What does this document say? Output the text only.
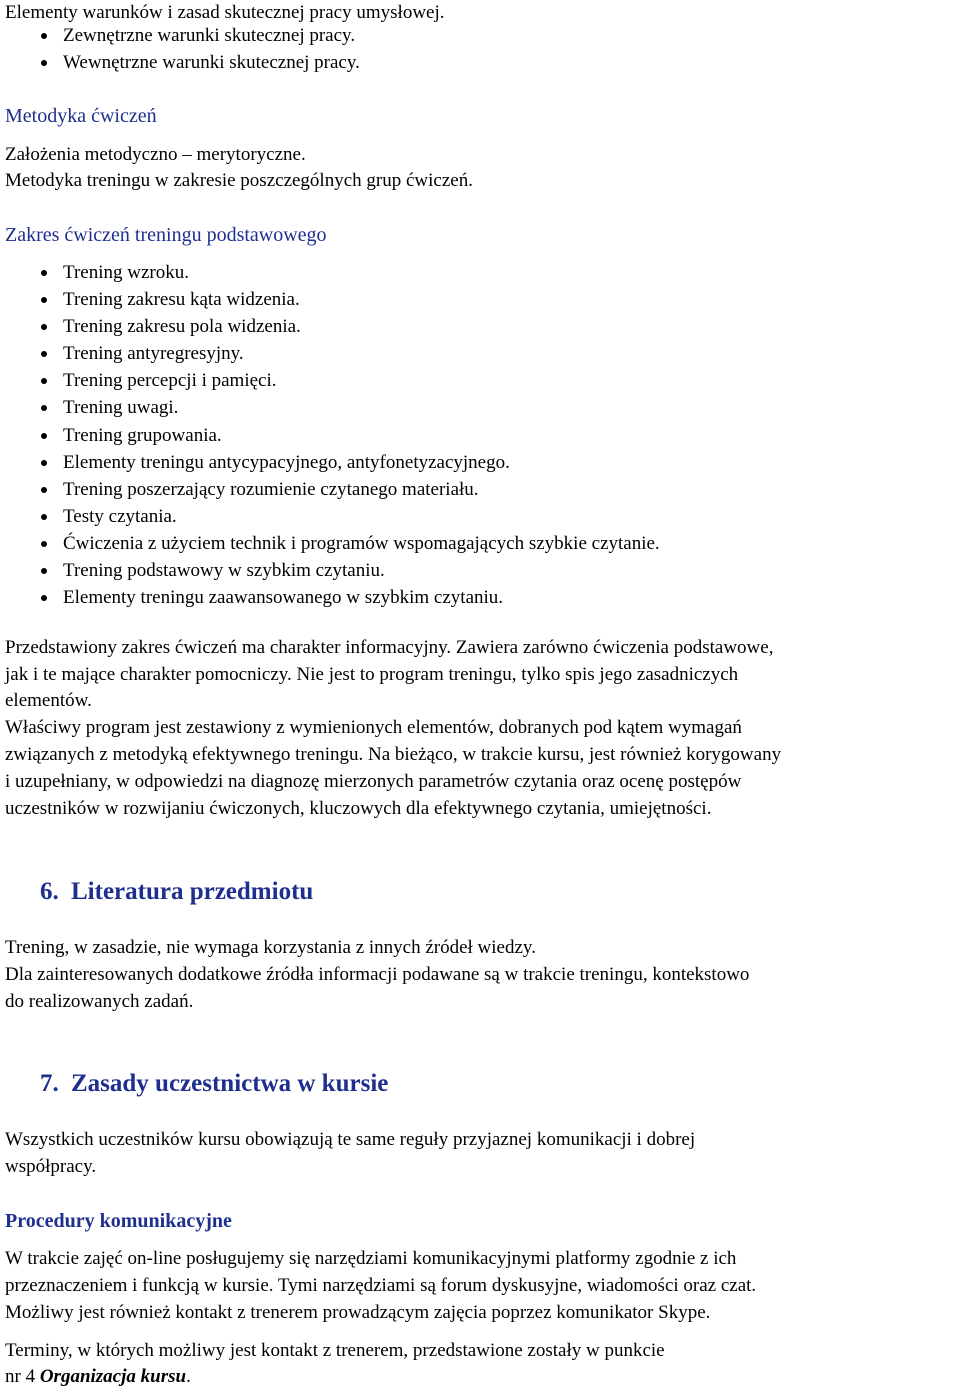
Elementy warunków i zasad skutecznej pracy umysłowej.
Zewnętrzne warunki skutecznej pracy.
Wewnętrzne warunki skutecznej pracy.
Metodyka ćwiczeń
Założenia metodyczno – merytoryczne.
Metodyka treningu w zakresie poszczególnych grup ćwiczeń.
Zakres ćwiczeń treningu podstawowego
Trening wzroku.
Trening zakresu kąta widzenia.
Trening zakresu pola widzenia.
Trening antyregresyjny.
Trening percepcji i pamięci.
Trening uwagi.
Trening grupowania.
Elementy treningu antycypacyjnego, antyfonetyzacyjnego.
Trening poszerzający rozumienie czytanego materiału.
Testy czytania.
Ćwiczenia z użyciem technik i programów wspomagających szybkie czytanie.
Trening podstawowy w szybkim czytaniu.
Elementy treningu zaawansowanego w szybkim czytaniu.
Przedstawiony zakres ćwiczeń ma charakter informacyjny. Zawiera zarówno ćwiczenia podstawowe,
jak i te mające charakter pomocniczy. Nie jest to program treningu, tylko spis jego zasadniczych
elementów.
Właściwy program jest zestawiony z wymienionych elementów, dobranych pod kątem wymagań
związanych z metodyką efektywnego treningu. Na bieżąco, w trakcie kursu, jest również korygowany
i uzupełniany, w odpowiedzi na diagnozę mierzonych parametrów czytania oraz ocenę postępów
uczestników w rozwijaniu ćwiczonych, kluczowych dla efektywnego czytania, umiejętności.
6. Literatura przedmiotu
Trening, w zasadzie, nie wymaga korzystania z innych źródeł wiedzy.
Dla zainteresowanych dodatkowe źródła informacji podawane są w trakcie treningu, kontekstowo
do realizowanych zadań.
7. Zasady uczestnictwa w kursie
Wszystkich uczestników kursu obowiązują te same reguły przyjaznej komunikacji i dobrej
współpracy.
Procedury komunikacyjne
W trakcie zajęć on-line posługujemy się narzędziami komunikacyjnymi platformy zgodnie z ich
przeznaczeniem i funkcją w kursie. Tymi narzędziami są forum dyskusyjne, wiadomości oraz czat.
Możliwy jest również kontakt z trenerem prowadzącym zajęcia poprzez komunikator Skype.
Terminy, w których możliwy jest kontakt z trenerem, przedstawione zostały w punkcie
nr 4 Organizacja kursu.
